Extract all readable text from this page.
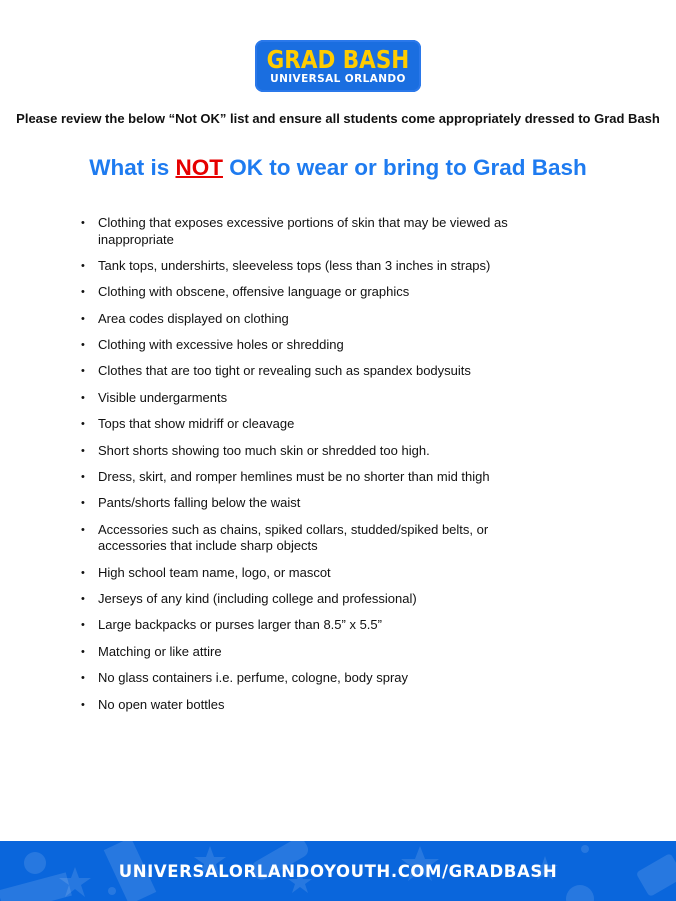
GRAD BASH
UNIVERSAL ORLANDO
Please review the below “Not OK” list and ensure all students come appropriately dressed to Grad Bash
What is NOT OK to wear or bring to Grad Bash
• Clothing that exposes excessive portions of skin that may be viewed as inappropriate
• Tank tops, undershirts, sleeveless tops (less than 3 inches in straps)
• Clothing with obscene, offensive language or graphics
• Area codes displayed on clothing
• Clothing with excessive holes or shredding
• Clothes that are too tight or revealing such as spandex bodysuits
• Visible undergarments
• Tops that show midriff or cleavage
• Short shorts showing too much skin or shredded too high.
• Dress, skirt, and romper hemlines must be no shorter than mid thigh
• Pants/shorts falling below the waist
• Accessories such as chains, spiked collars, studded/spiked belts, or accessories that include sharp objects
• High school team name, logo, or mascot
• Jerseys of any kind (including college and professional)
• Large backpacks or purses larger than 8.5” x 5.5”
• Matching or like attire
• No glass containers i.e. perfume, cologne, body spray
• No open water bottles
UNIVERSALORLANDOYOUTH.COM/GRADBASH
